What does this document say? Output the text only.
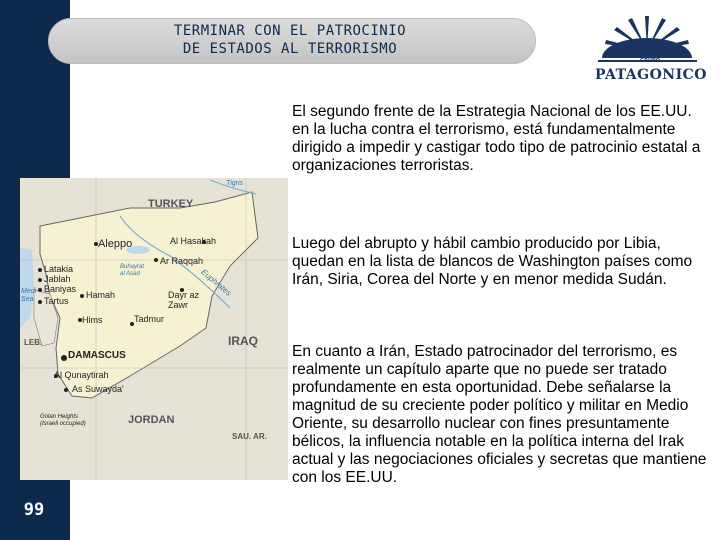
TERMINAR CON EL PATROCINIO
DE ESTADOS AL TERRORISMO
GRUPO
PATAGONICO
TURKEY
Aleppo	Al Hasakah
Ar Raqqah
Latakia
Jablah
Baniyas
Tartus
Hamah
Hims
Dayr az
Zawr
Tadmur
Buhayrat
al Asad
Medi-
Sea
IRAQ
LEB.
DAMASCUS
Al Qunaytirah
As Suwayda'
JORDAN
Golan Heights
(Israeli occupied)
SAU. AR.
Tigris
Euphrates
99

El segundo frente de la Estrategia Nacional de los EE.UU. en la lucha contra el terrorismo, está fundamentalmente dirigido a impedir y castigar todo tipo de patrocinio estatal a organizaciones terroristas.

Luego del abrupto y hábil cambio producido por Libia, quedan en la lista de blancos de Washington países como Irán, Siria, Corea del Norte y en menor medida Sudán.

En cuanto a Irán, Estado patrocinador del terrorismo, es realmente un capítulo aparte que no puede ser tratado profundamente en esta oportunidad. Debe señalarse la magnitud de su creciente poder político y militar en Medio Oriente, su desarrollo nuclear con fines presuntamente bélicos, la influencia notable en la política interna del Irak actual y las negociaciones oficiales y secretas que mantiene con los EE.UU.
